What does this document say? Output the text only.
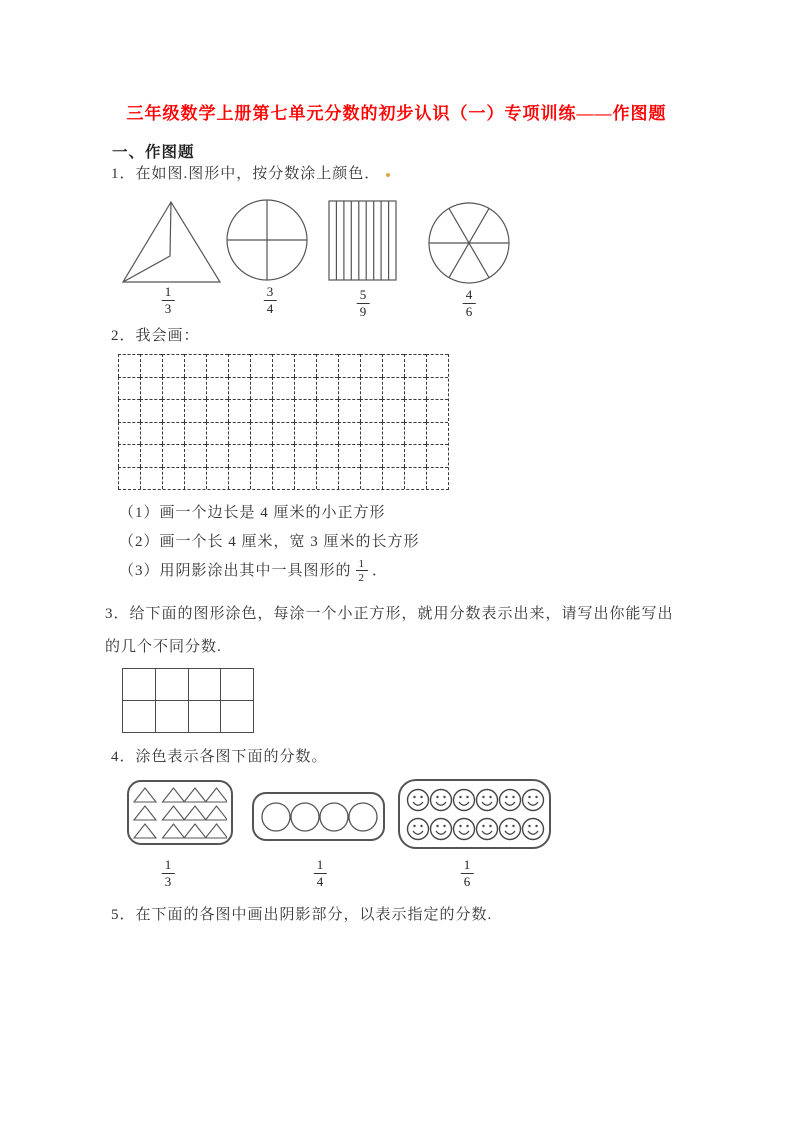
三年级数学上册第七单元分数的初步认识（一）专项训练——作图题
一、作图题
1．在如图.图形中，按分数涂上颜色．
$\frac{1}{3}$	$\frac{3}{4}$	$\frac{5}{9}$	$\frac{4}{6}$
2．我会画：
（1）画一个边长是 4 厘米的小正方形
（2）画一个长 4 厘米，宽 3 厘米的长方形
（3）用阴影涂出其中一具图形的 $\frac{1}{2}$ ．
3．给下面的图形涂色，每涂一个小正方形，就用分数表示出来，请写出你能写出的几个不同分数.
4．涂色表示各图下面的分数。
$\frac{1}{3}$	$\frac{1}{4}$	$\frac{1}{6}$
5．在下面的各图中画出阴影部分，以表示指定的分数.
